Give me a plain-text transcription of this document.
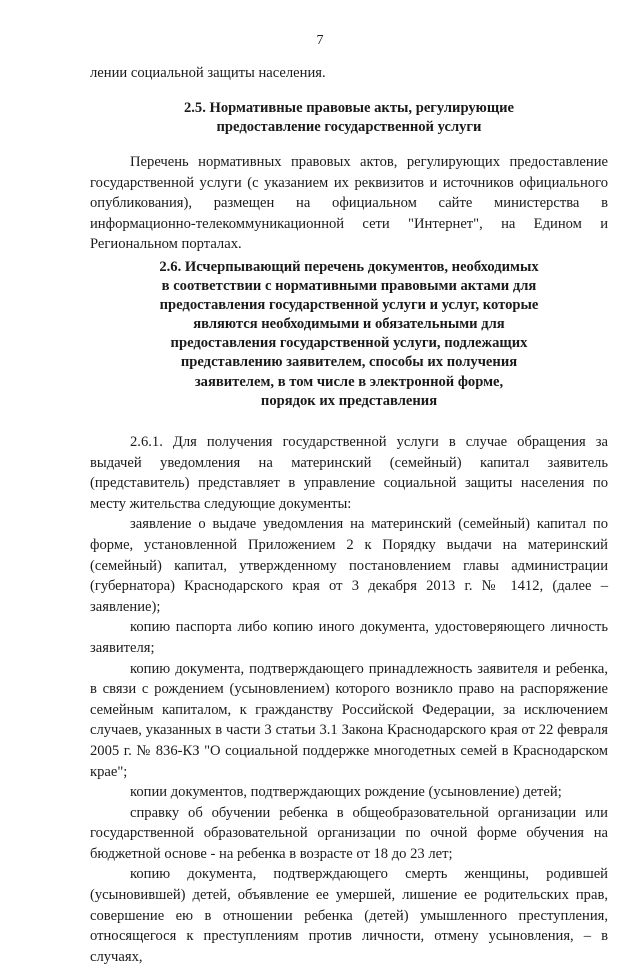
7
лении социальной защиты населения.
2.5. Нормативные правовые акты, регулирующие
предоставление государственной услуги

Перечень нормативных правовых актов, регулирующих предоставление государственной услуги (с указанием их реквизитов и источников официального опубликования), размещен на официальном сайте министерства в информационно-телекоммуникационной сети "Интернет", на Едином и Региональном порталах.

2.6. Исчерпывающий перечень документов, необходимых
в соответствии с нормативными правовыми актами для
предоставления государственной услуги и услуг, которые
являются необходимыми и обязательными для
предоставления государственной услуги, подлежащих
представлению заявителем, способы их получения
заявителем, в том числе в электронной форме,
порядок их представления

2.6.1. Для получения государственной услуги в случае обращения за выдачей уведомления на материнский (семейный) капитал заявитель (представитель) представляет в управление социальной защиты населения по месту жительства следующие документы:

заявление о выдаче уведомления на материнский (семейный) капитал по форме, установленной Приложением 2 к Порядку выдачи на материнский (семейный) капитал, утвержденному постановлением главы администрации (губернатора) Краснодарского края от 3 декабря 2013 г. № 1412, (далее – заявление);

копию паспорта либо копию иного документа, удостоверяющего личность заявителя;

копию документа, подтверждающего принадлежность заявителя и ребенка, в связи с рождением (усыновлением) которого возникло право на распоряжение семейным капиталом, к гражданству Российской Федерации, за исключением случаев, указанных в части 3 статьи 3.1 Закона Краснодарского края от 22 февраля 2005 г. № 836-КЗ "О социальной поддержке многодетных семей в Краснодарском крае";

копии документов, подтверждающих рождение (усыновление) детей;

справку об обучении ребенка в общеобразовательной организации или государственной образовательной организации по очной форме обучения на бюджетной основе - на ребенка в возрасте от 18 до 23 лет;

копию документа, подтверждающего смерть женщины, родившей (усыновившей) детей, объявление ее умершей, лишение ее родительских прав, совершение ею в отношении ребенка (детей) умышленного преступления, относящегося к преступлениям против личности, отмену усыновления, – в случаях,
